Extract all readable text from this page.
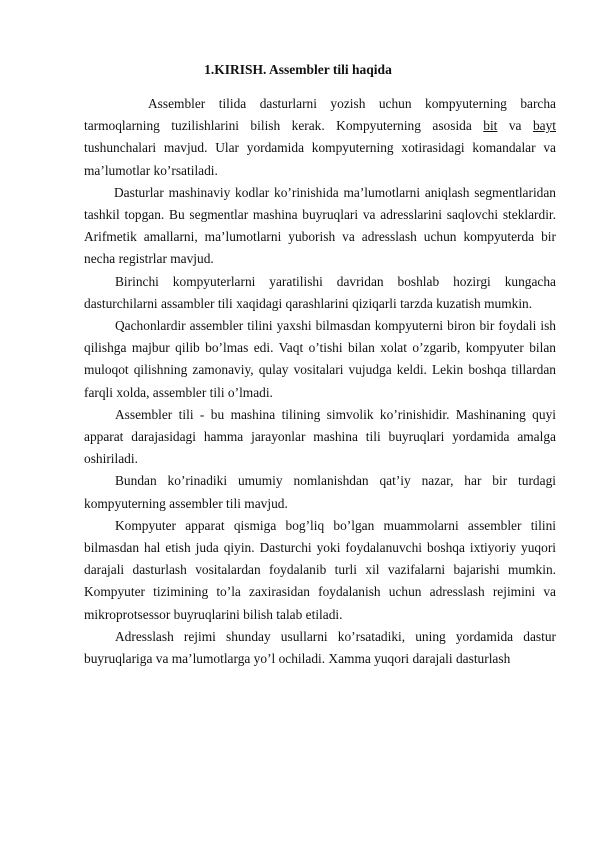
1.KIRISH. Assembler tili haqida

Assembler tilida dasturlarni yozish uchun kompyuterning barcha tarmoqlarning tuzilishlarini bilish kerak. Kompyuterning asosida bit va bayt tushunchalari mavjud. Ular yordamida kompyuterning xotirasidagi komandalar va ma’lumotlar ko’rsatiladi.

Dasturlar mashinaviy kodlar ko’rinishida ma’lumotlarni aniqlash segmentlaridan tashkil topgan. Bu segmentlar mashina buyruqlari va adresslarini saqlovchi steklardir. Arifmetik amallarni, ma’lumotlarni yuborish va adresslash uchun kompyuterda bir necha registrlar mavjud.

Birinchi kompyuterlarni yaratilishi davridan boshlab hozirgi kungacha dasturchilarni assambler tili xaqidagi qarashlarini qiziqarli tarzda kuzatish mumkin.

Qachonlardir assembler tilini yaxshi bilmasdan kompyuterni biron bir foydali ish qilishga majbur qilib bo’lmas edi. Vaqt o’tishi bilan xolat o’zgarib, kompyuter bilan muloqot qilishning zamonaviy, qulay vositalari vujudga keldi. Lekin boshqa tillardan farqli xolda, assembler tili o’lmadi.

Assembler tili - bu mashina tilining simvolik ko’rinishidir. Mashinaning quyi apparat darajasidagi hamma jarayonlar mashina tili buyruqlari yordamida amalga oshiriladi.

Bundan ko’rinadiki umumiy nomlanishdan qat’iy nazar, har bir turdagi kompyuterning assembler tili mavjud.

Kompyuter apparat qismiga bog’liq bo’lgan muammolarni assembler tilini bilmasdan hal etish juda qiyin. Dasturchi yoki foydalanuvchi boshqa ixtiyoriy yuqori darajali dasturlash vositalardan foydalanib turli xil vazifalarni bajarishi mumkin. Kompyuter tizimining to’la zaxirasidan foydalanish uchun adresslash rejimini va mikroprotsessor buyruqlarini bilish talab etiladi.

Adresslash rejimi shunday usullarni ko’rsatadiki, uning yordamida dastur buyruqlariga va ma’lumotlarga yo’l ochiladi. Xamma yuqori darajali dasturlash
